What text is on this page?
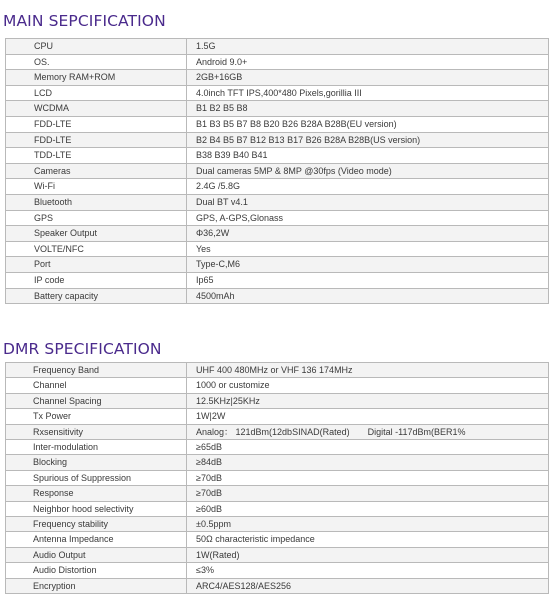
MAIN SEPCIFICATION
CPU	1.5G
OS.	Android 9.0+
Memory RAM+ROM	2GB+16GB
LCD	4.0inch TFT IPS,400*480 Pixels,gorillia III
WCDMA	B1 B2 B5 B8
FDD-LTE	B1 B3 B5 B7 B8 B20 B26 B28A B28B(EU version)
FDD-LTE	B2 B4 B5 B7 B12 B13 B17 B26 B28A B28B(US version)
TDD-LTE	B38 B39 B40 B41
Cameras	Dual cameras 5MP & 8MP @30fps (Video mode)
Wi-Fi	2.4G /5.8G
Bluetooth	Dual BT v4.1
GPS	GPS, A-GPS,Glonass
Speaker Output	Φ36,2W
VOLTE/NFC	Yes
Port	Type-C,M6
IP code	Ip65
Battery capacity	4500mAh
DMR SPECIFICATION
Frequency Band	UHF 400 480MHz or VHF 136 174MHz
Channel	1000 or customize
Channel Spacing	12.5KHz|25KHz
Tx Power	1W|2W
Rxsensitivity	Analog： 121dBm(12dbSINAD(Rated) Digital -117dBm(BER1%
Inter-modulation	≥65dB
Blocking	≥84dB
Spurious of Suppression	≥70dB
Response	≥70dB
Neighbor hood selectivity	≥60dB
Frequency stability	±0.5ppm
Antenna Impedance	50Ω characteristic impedance
Audio Output	1W(Rated)
Audio Distortion	≤3%
Encryption	ARC4/AES128/AES256
